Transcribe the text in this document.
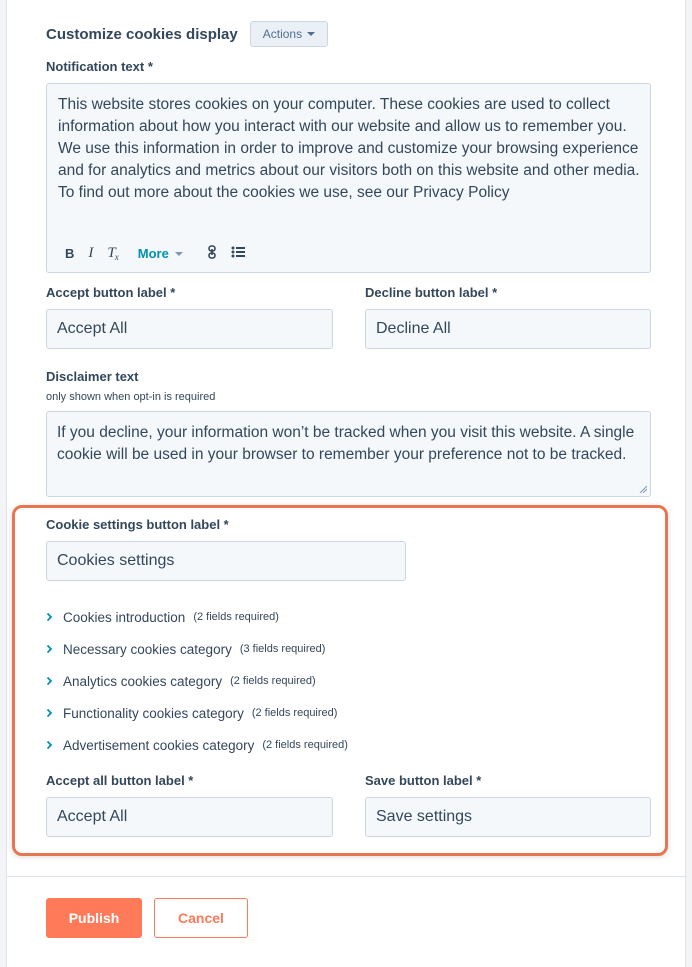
Customize cookies display Actions
Notification text *
This website stores cookies on your computer. These cookies are used to collect information about how you interact with our website and allow us to remember you. We use this information in order to improve and customize your browsing experience and for analytics and metrics about our visitors both on this website and other media. To find out more about the cookies we use, see our Privacy Policy
B I $T_x$ More
Accept button label *
Accept All
Decline button label *
Decline All
Disclaimer text
only shown when opt-in is required
If you decline, your information won’t be tracked when you visit this website. A single cookie will be used in your browser to remember your preference not to be tracked.
Cookie settings button label *
Cookies settings
Cookies introduction (2 fields required)
Necessary cookies category (3 fields required)
Analytics cookies category (2 fields required)
Functionality cookies category (2 fields required)
Advertisement cookies category (2 fields required)
Accept all button label *
Accept All
Save button label *
Save settings
Publish	Cancel
